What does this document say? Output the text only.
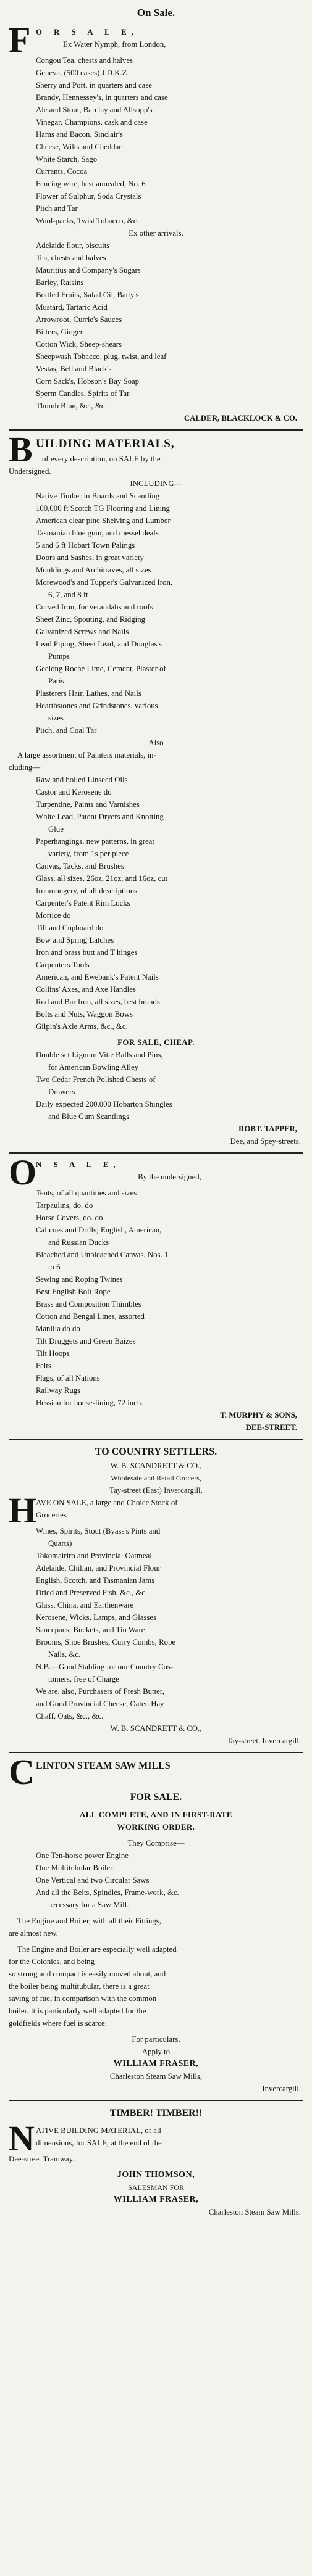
On Sale.
F O R S A L E,
Ex Water Nymph, from London,
Congou Tea, chests and halves
Geneva, (500 cases) J.D.K.Z
Sherry and Port, in quarters and case
Brandy, Hennessey's, in quarters and case
Ale and Stout, Barclay and Allsopp's
Vinegar, Champions, cask and case
Hams and Bacon, Sinclair's
Cheese, Wilts and Cheddar
White Starch, Sago
Currants, Cocoa
Fencing wire, best annealed, No. 6
Flower of Sulphur, Soda Crystals
Pitch and Tar
Wool-packs, Twist Tobacco, &c.
Ex other arrivals,
Adelaide flour, biscuits
Tea, chests and halves
Mauritius and Company's Sugars
Barley, Raisins
Bottled Fruits, Salad Oil, Batty's
Mustard, Tartaric Acid
Arrowroot, Currie's Sauces
Bitters, Ginger
Cotton Wick, Sheep-shears
Sheepwash Tobacco, plug, twist, and leaf
Vestas, Bell and Black's
Corn Sack's, Hobson's Bay Soap
Sperm Candles, Spirits of Tar
Thumb Blue, &c., &c.
CALDER, BLACKLOCK & CO.
B UILDING MATERIALS,
of every description, on SALE by the
Undersigned.
INCLUDING—
Native Timber in Boards and Scantling
100,000 ft Scotch TG Flooring and Lining
American clear pine Shelving and Lumber
Tasmanian blue gum, and messel deals
5 and 6 ft Hobart Town Palings
Doors and Sashes, in great variety
Mouldings and Architraves, all sizes
Morewood's and Tupper's Galvanized Iron,
6, 7, and 8 ft
Curved Iron, for verandahs and roofs
Sheet Zinc, Spouting, and Ridging
Galvanized Screws and Nails
Lead Piping, Sheet Lead, and Douglas's
Pumps
Geelong Roche Lime, Cement, Plaster of
Paris
Plasterers Hair, Lathes, and Nails
Hearthstones and Grindstones, various
sizes
Pitch, and Coal Tar
Also
A large assortment of Painters materials, in-
cluding—
Raw and boiled Linseed Oils
Castor and Kerosene do
Turpentine, Paints and Varnishes
White Lead, Patent Dryers and Knotting
Glue
Paperhangings, new patterns, in great
variety, from 1s per piece
Canvas, Tacks, and Brushes
Glass, all sizes, 26oz, 21oz, and 16oz, cut
Ironmongery, of all descriptions
Carpenter's Patent Rim Locks
Mortice do
Till and Cupboard do
Bow and Spring Latches
Iron and brass butt and T hinges
Carpenters Tools
American, and Ewebank's Patent Nails
Collins' Axes, and Axe Handles
Rod and Bar Iron, all sizes, best brands
Bolts and Nuts, Waggon Bows
Gilpin's Axle Arms, &c., &c.
FOR SALE, CHEAP.
Double set Lignum Vitæ Balls and Pins,
for American Bowling Alley
Two Cedar French Polished Chests of
Drawers
Daily expected 200,000 Hobarton Shingles
and Blue Gum Scantlings
ROBT. TAPPER,
Dee, and Spey-streets.
O
N S A L E,
By the undersigned,
Tents, of all quantities and sizes
Tarpaulins, do. do
Horse Covers, do. do
Calicoes and Drills; English, American,
and Russian Ducks
Bleached and Unbleached Canvas, Nos. 1
to 6
Sewing and Roping Twines
Best English Bolt Rope
Brass and Composition Thimbles
Cotton and Bengal Lines, assorted
Manilla do do
Tilt Druggets and Green Baizes
Tilt Hoops
Felts
Flags, of all Nations
Railway Rugs
Hessian for house-lining, 72 inch.
T. MURPHY & SONS,
DEE-STREET.
TO COUNTRY SETTLERS.
W. B. SCANDRETT & CO.,
Wholesale and Retail Grocers,
Tay-street (East) Invercargill,
H
AVE ON SALE, a large and Choice Stock of
Groceries
Wines, Spirits, Stout (Byass's Pints and
Quarts)
Tokomairiro and Provincial Oatmeal
Adelaide, Chilian, and Provincial Flour
English, Scotch, and Tasmanian Jams
Dried and Preserved Fish, &c., &c.
Glass, China, and Earthenware
Kerosene, Wicks, Lamps, and Glasses
Saucepans, Buckets, and Tin Ware
Brooms, Shoe Brushes, Curry Combs, Rope
Nails, &c.
N.B.—Good Stabling for our Country Cus-
tomers, free of Charge
We are, also, Purchasers of Fresh Butter,
and Good Provincial Cheese, Oaten Hay
Chaff, Oats, &c., &c.
W. B. SCANDRETT & CO.,
Tay-street, Invercargill.
C LINTON STEAM SAW MILLS
FOR SALE.
ALL COMPLETE, AND IN FIRST-RATE
WORKING ORDER.
They Comprise—
One Ten-horse power Engine
One Multitubular Boiler
One Vertical and two Circular Saws
And all the Belts, Spindles, Frame-work, &c.
necessary for a Saw Mill.
The Engine and Boiler, with all their Fittings,
are almost new.
The Engine and Boiler are especially well adapted
for the Colonies, and being
so strong and compact is easily moved about, and
the boiler being multitubular, there is a great
saving of fuel in comparison with the common
boiler. It is particularly well adapted for the
goldfields where fuel is scarce.
For particulars,
Apply to
WILLIAM FRASER,
Charleston Steam Saw Mills,
Invercargill.
TIMBER! TIMBER!!
N ATIVE BUILDING MATERIAL, of all
dimensions, for SALE, at the end of the
Dee-street Tramway.
JOHN THOMSON,
SALESMAN FOR
WILLIAM FRASER,
Charleston Steam Saw Mills.
